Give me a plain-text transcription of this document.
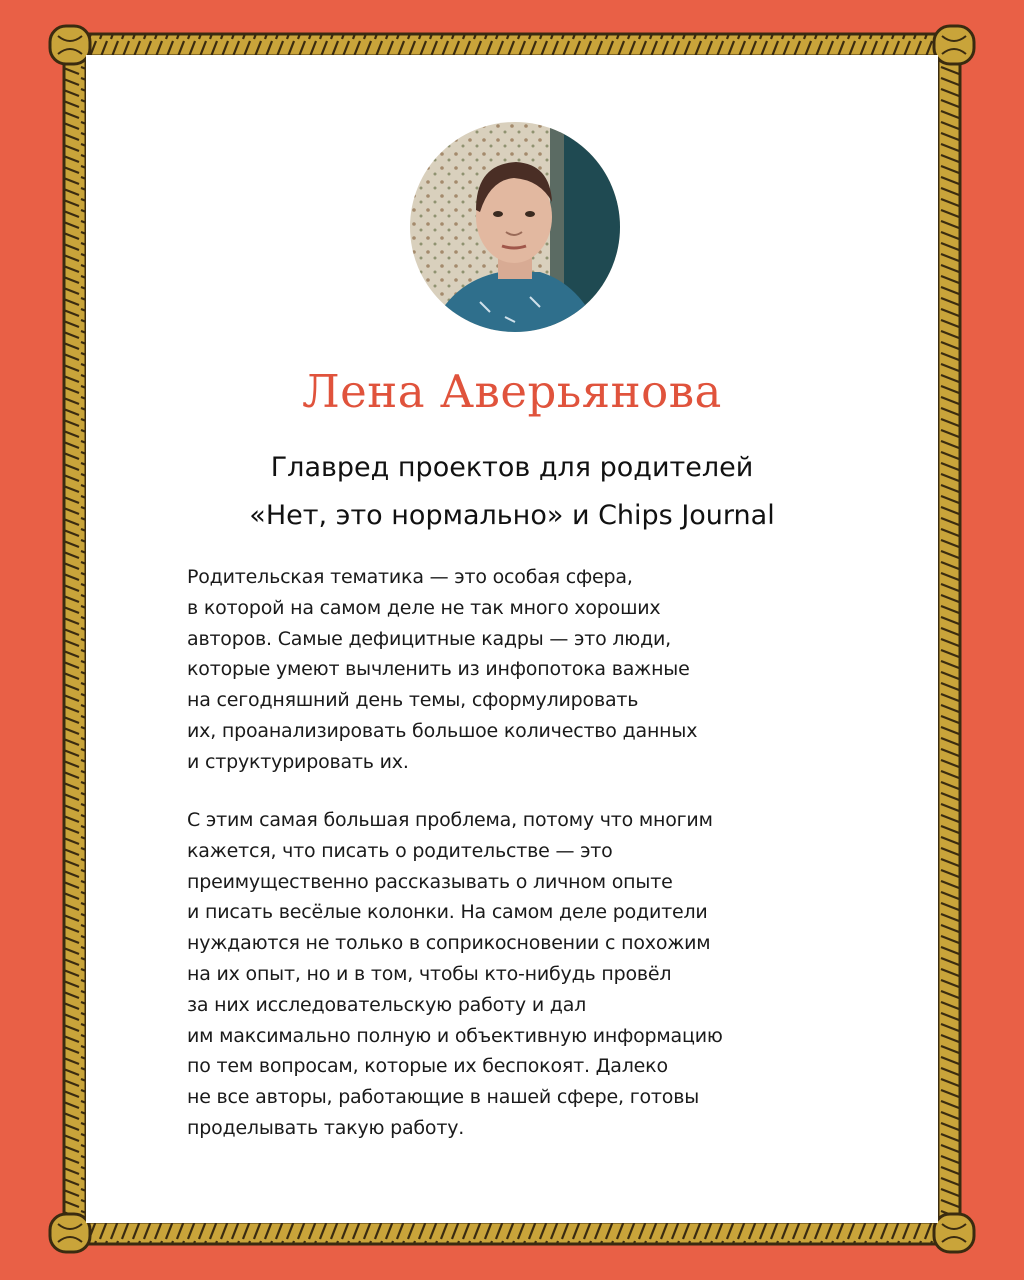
Лена Аверьянова
Главред проектов для родителей
«Нет, это нормально» и Chips Journal
Родительская тематика — это особая сфера,
в которой на самом деле не так много хороших
авторов. Самые дефицитные кадры — это люди,
которые умеют вычленить из инфопотока важные
на сегодняшний день темы, сформулировать
их, проанализировать большое количество данных
и структурировать их.
С этим самая большая проблема, потому что многим
кажется, что писать о родительстве — это
преимущественно рассказывать о личном опыте
и писать весёлые колонки. На самом деле родители
нуждаются не только в соприкосновении с похожим
на их опыт, но и в том, чтобы кто-нибудь провёл
за них исследовательскую работу и дал
им максимально полную и объективную информацию
по тем вопросам, которые их беспокоят. Далеко
не все авторы, работающие в нашей сфере, готовы
проделывать такую работу.
